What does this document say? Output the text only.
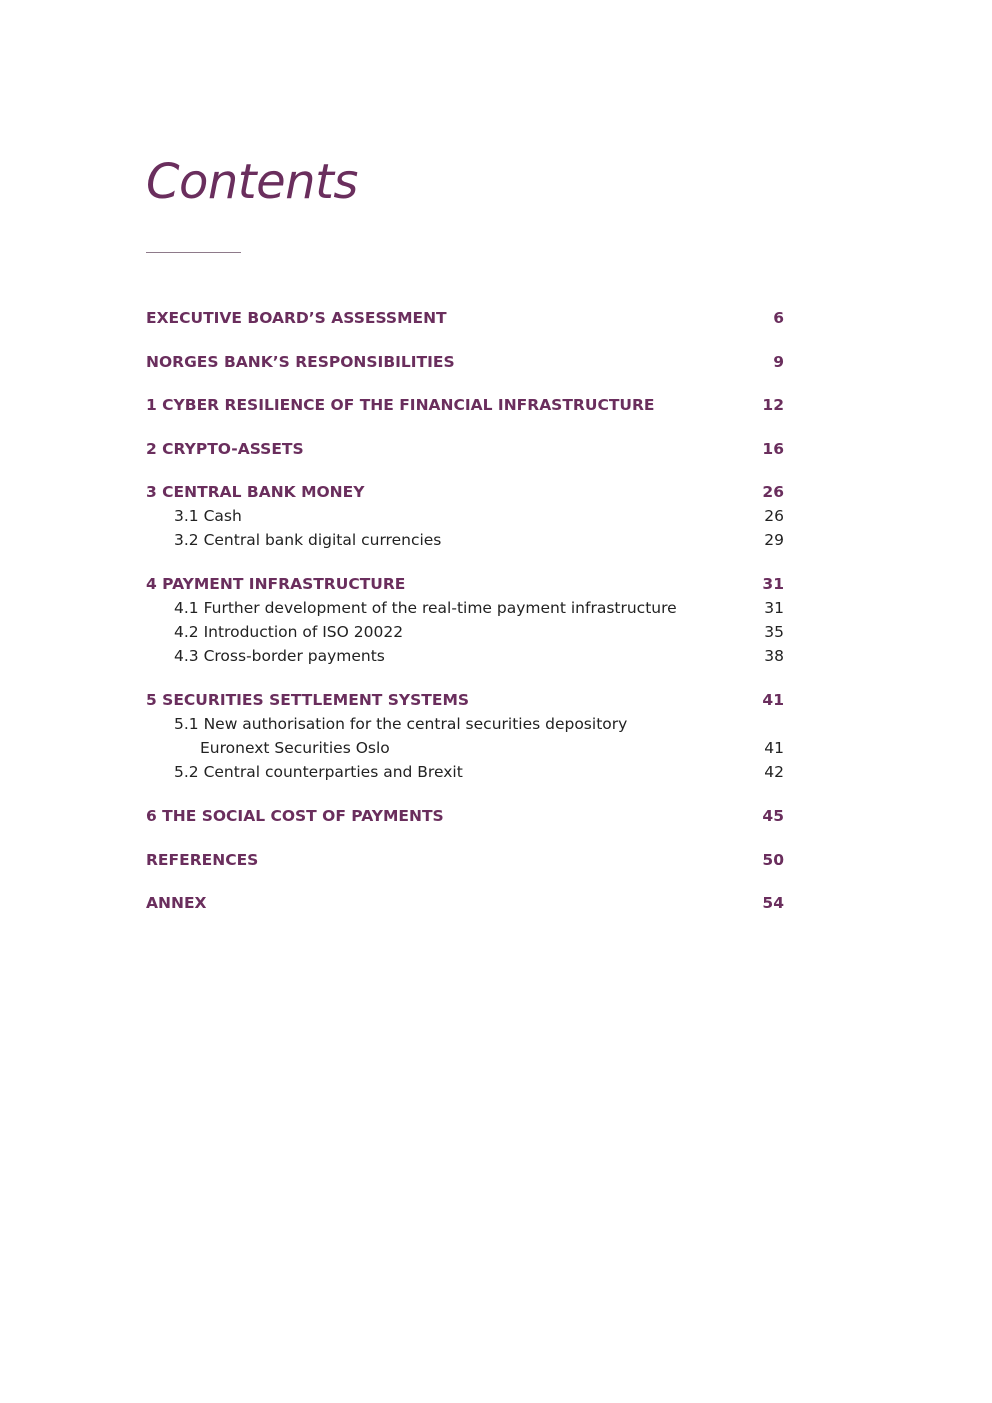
Contents
EXECUTIVE BOARD’S ASSESSMENT	6
NORGES BANK’S RESPONSIBILITIES	9
1 CYBER RESILIENCE OF THE FINANCIAL INFRASTRUCTURE	12
2 CRYPTO-ASSETS	16
3 CENTRAL BANK MONEY	26
3.1 Cash	26
3.2 Central bank digital currencies	29
4 PAYMENT INFRASTRUCTURE	31
4.1 Further development of the real-time payment infrastructure	31
4.2 Introduction of ISO 20022	35
4.3 Cross-border payments	38
5 SECURITIES SETTLEMENT SYSTEMS	41
5.1 New authorisation for the central securities depository
Euronext Securities Oslo	41
5.2 Central counterparties and Brexit	42
6 THE SOCIAL COST OF PAYMENTS	45
REFERENCES	50
ANNEX	54
